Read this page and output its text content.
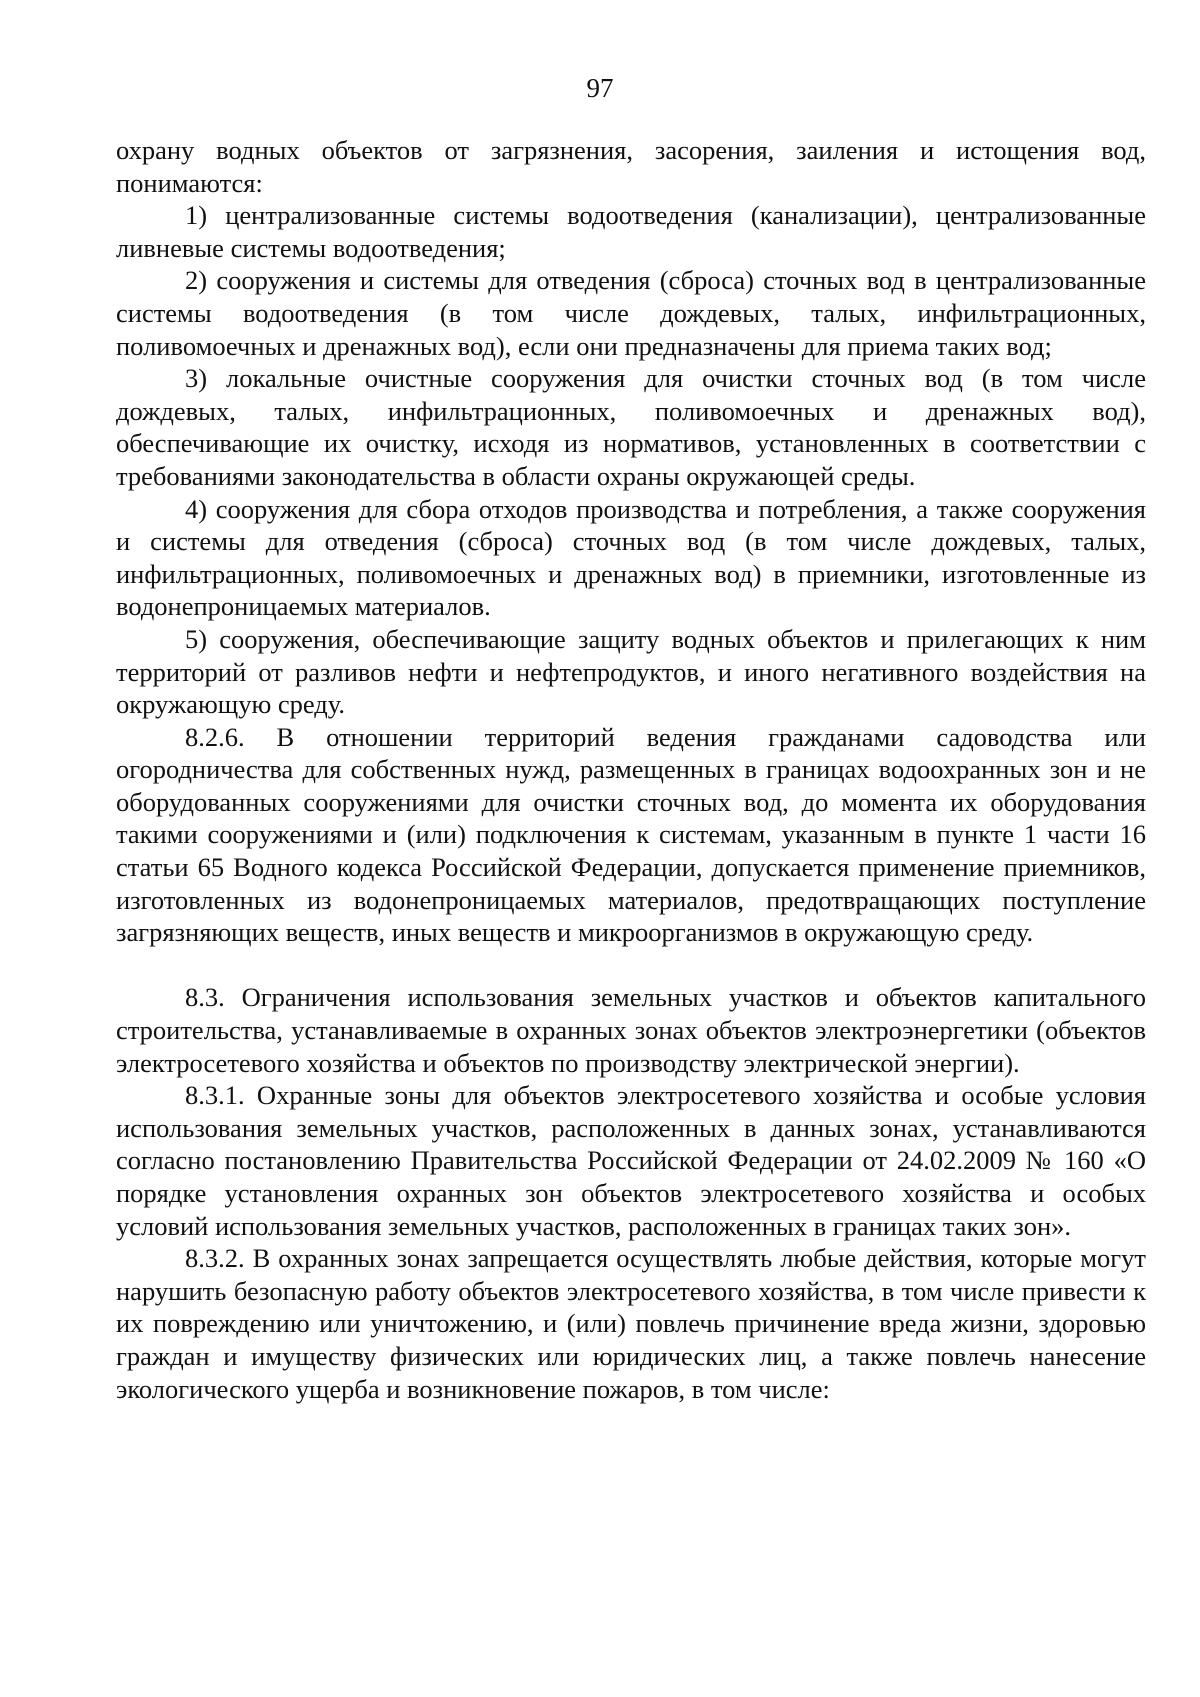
97

охрану водных объектов от загрязнения, засорения, заиления и истощения вод, понимаются:

1) централизованные системы водоотведения (канализации), централизованные ливневые системы водоотведения;

2) сооружения и системы для отведения (сброса) сточных вод в централизованные системы водоотведения (в том числе дождевых, талых, инфильтрационных, поливомоечных и дренажных вод), если они предназначены для приема таких вод;

3) локальные очистные сооружения для очистки сточных вод (в том числе дождевых, талых, инфильтрационных, поливомоечных и дренажных вод), обеспечивающие их очистку, исходя из нормативов, установленных в соответствии с требованиями законодательства в области охраны окружающей среды.

4) сооружения для сбора отходов производства и потребления, а также сооружения и системы для отведения (сброса) сточных вод (в том числе дождевых, талых, инфильтрационных, поливомоечных и дренажных вод) в приемники, изготовленные из водонепроницаемых материалов.

5) сооружения, обеспечивающие защиту водных объектов и прилегающих к ним территорий от разливов нефти и нефтепродуктов, и иного негативного воздействия на окружающую среду.

8.2.6. В отношении территорий ведения гражданами садоводства или огородничества для собственных нужд, размещенных в границах водоохранных зон и не оборудованных сооружениями для очистки сточных вод, до момента их оборудования такими сооружениями и (или) подключения к системам, указанным в пункте 1 части 16 статьи 65 Водного кодекса Российской Федерации, допускается применение приемников, изготовленных из водонепроницаемых материалов, предотвращающих поступление загрязняющих веществ, иных веществ и микроорганизмов в окружающую среду.

8.3. Ограничения использования земельных участков и объектов капитального строительства, устанавливаемые в охранных зонах объектов электроэнергетики (объектов электросетевого хозяйства и объектов по производству электрической энергии).

8.3.1. Охранные зоны для объектов электросетевого хозяйства и особые условия использования земельных участков, расположенных в данных зонах, устанавливаются согласно постановлению Правительства Российской Федерации от 24.02.2009 № 160 «О порядке установления охранных зон объектов электросетевого хозяйства и особых условий использования земельных участков, расположенных в границах таких зон».

8.3.2. В охранных зонах запрещается осуществлять любые действия, которые могут нарушить безопасную работу объектов электросетевого хозяйства, в том числе привести к их повреждению или уничтожению, и (или) повлечь причинение вреда жизни, здоровью граждан и имуществу физических или юридических лиц, а также повлечь нанесение экологического ущерба и возникновение пожаров, в том числе:
